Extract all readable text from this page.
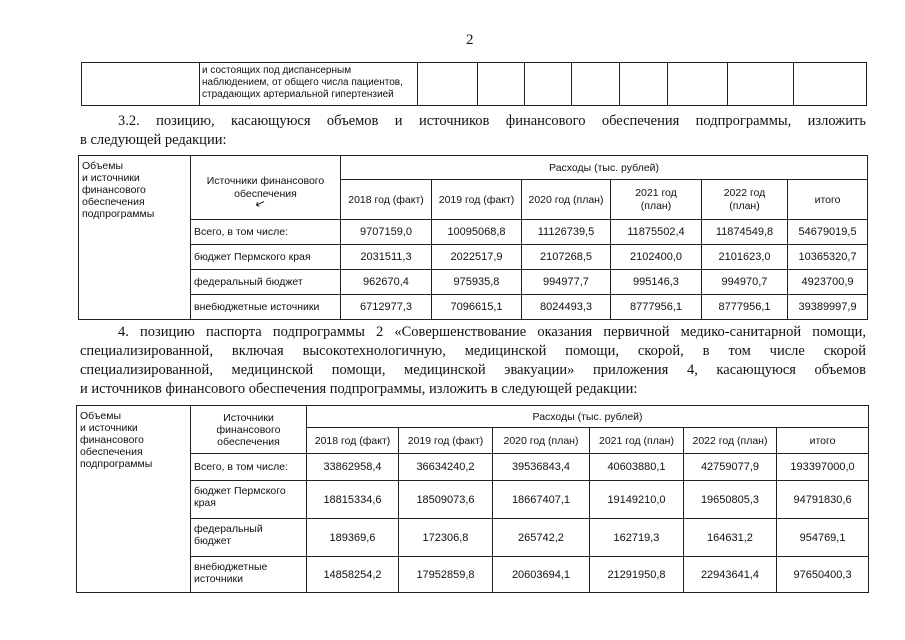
2

и состоящих под диспансерным
наблюдением, от общего числа пациентов,
страдающих артериальной гипертензией

3.2. позицию, касающуюся объемов и источников финансового обеспечения подпрограммы, изложить
в следующей редакции:
Объемы
и источники
финансового
обеспечения
подпрограммы	Источники финансового обеспечения	Расходы (тыс. рублей)					
		2018 год (факт)	2019 год (факт)	2020 год (план)	2021 год (план)	2022 год (план)	итого
	Всего, в том числе:	9707159,0	10095068,8	11126739,5	11875502,4	11874549,8	54679019,5
	бюджет Пермского края	2031511,3	2022517,9	2107268,5	2102400,0	2101623,0	10365320,7
	федеральный бюджет	962670,4	975935,8	994977,7	995146,3	994970,7	4923700,9
	внебюджетные источники	6712977,3	7096615,1	8024493,3	8777956,1	8777956,1	39389997,9
↙
4. позицию паспорта подпрограммы 2 «Совершенствование оказания первичной медико-санитарной помощи,
специализированной, включая высокотехнологичную, медицинской помощи, скорой, в том числе скорой
специализированной, медицинской помощи, медицинской эвакуации» приложения 4, касающуюся объемов
и источников финансового обеспечения подпрограммы, изложить в следующей редакции:
Объемы
и источники
финансового
обеспечения
подпрограммы	Источники
финансового
обеспечения	Расходы (тыс. рублей)					
		2018 год (факт)	2019 год (факт)	2020 год (план)	2021 год (план)	2022 год (план)	итого
	Всего, в том числе:	33862958,4	36634240,2	39536843,4	40603880,1	42759077,9	193397000,0
	бюджет Пермского края	18815334,6	18509073,6	18667407,1	19149210,0	19650805,3	94791830,6
	федеральный бюджет	189369,6	172306,8	265742,2	162719,3	164631,2	954769,1
	внебюджетные источники	14858254,2	17952859,8	20603694,1	21291950,8	22943641,4	97650400,3
